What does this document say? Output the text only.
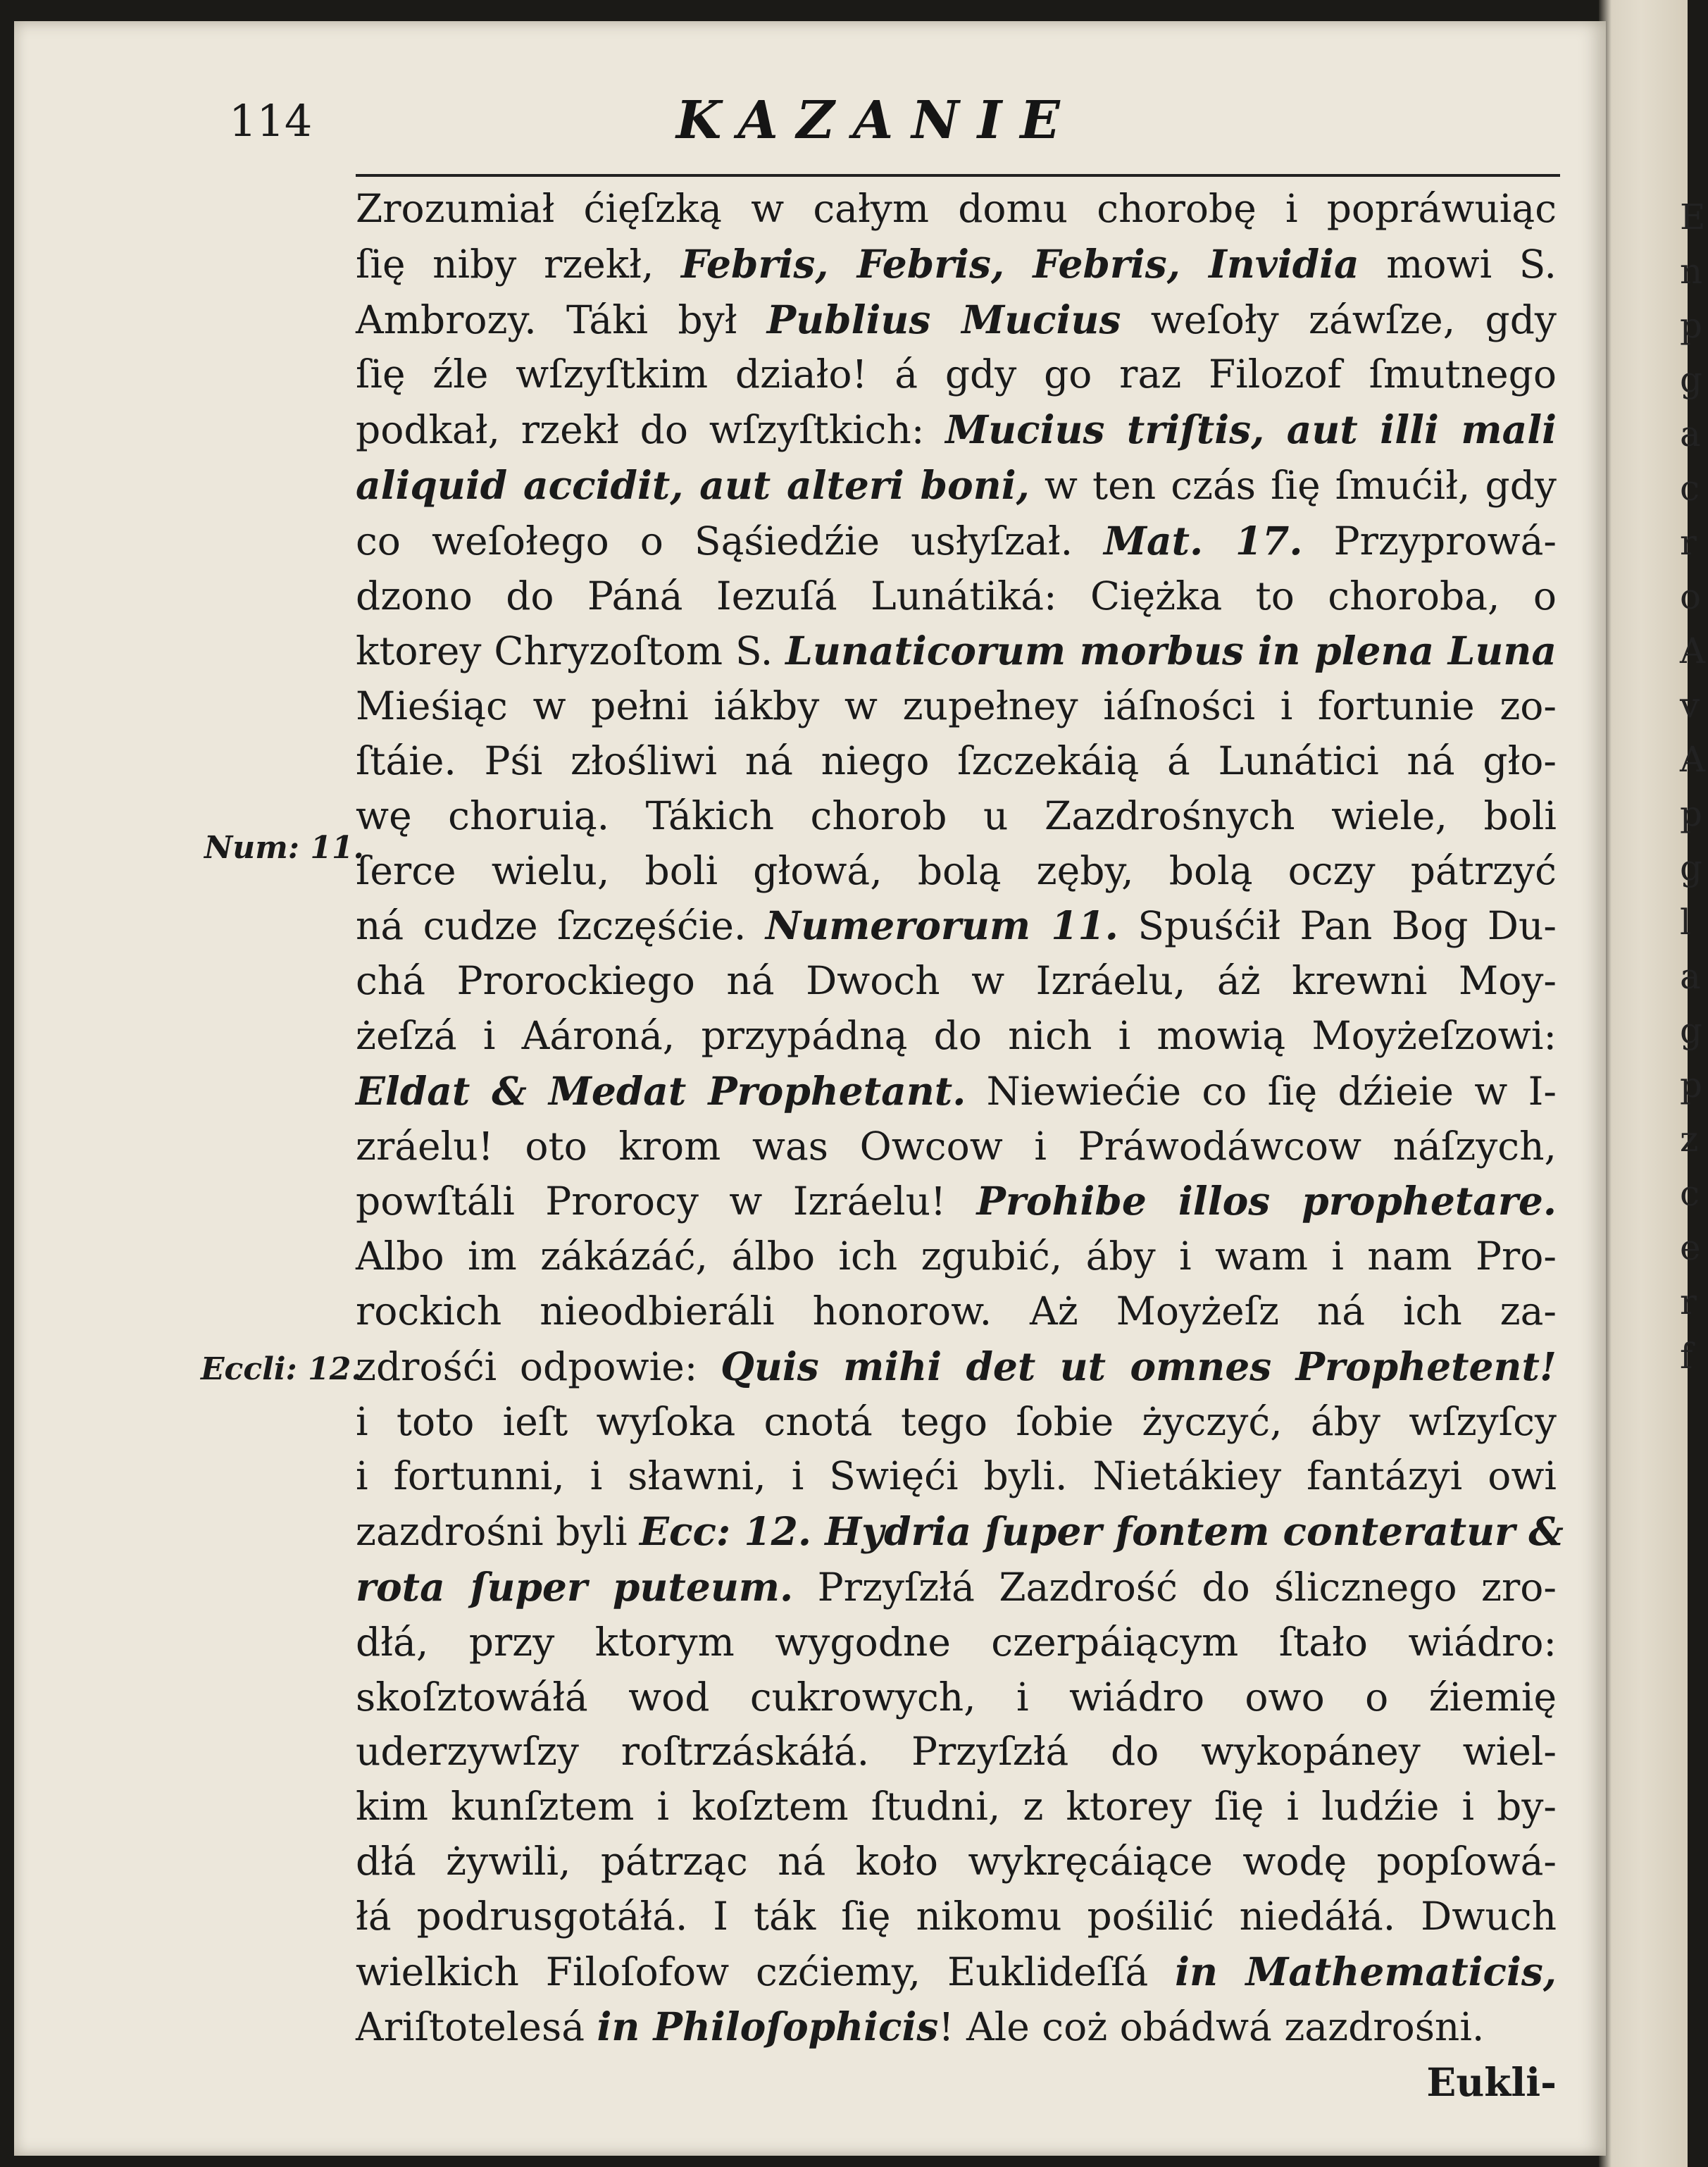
E
n
p
g
a
c
r
o
A
v
A
p
g
l
a
g
p
z
c
e
r
f
114	KAZANIE
Num: 11.
Eccli: 12.
Zrozumiał ćięſzką w całym domu chorobę i popráwuiąc
ſię niby rzekł, Febris, Febris, Febris, Invidia mowi S.
Ambrozy. Táki był Publius Mucius weſoły záwſze, gdy
ſię źle wſzyſtkim działo! á gdy go raz Filozof ſmutnego
podkał, rzekł do wſzyſtkich: Mucius triſtis, aut illi mali
aliquid accidit, aut alteri boni, w ten czás ſię ſmućił, gdy
co weſołego o Sąśiedźie usłyſzał. Mat. 17. Przyprowá-
dzono do Páná Iezuſá Lunátiká: Ciężka to choroba, o
ktorey Chryzoſtom S. Lunaticorum morbus in plena Luna
Mieśiąc w pełni iákby w zupełney iáſności i fortunie zo-
ſtáie. Pśi złośliwi ná niego ſzczekáią á Lunátici ná gło-
wę choruią. Tákich chorob u Zazdrośnych wiele, boli
ſerce wielu, boli głowá, bolą zęby, bolą oczy pátrzyć
ná cudze ſzczęśćie. Numerorum 11. Spuśćił Pan Bog Du-
chá Prorockiego ná Dwoch w Izráelu, áż krewni Moy-
żeſzá i Aároná, przypádną do nich i mowią Moyżeſzowi:
Eldat & Medat Prophetant. Niewiećie co ſię dźieie w I-
zráelu! oto krom was Owcow i Práwodáwcow náſzych,
powſtáli Prorocy w Izráelu! Prohibe illos prophetare.
Albo im zákázáć, álbo ich zgubić, áby i wam i nam Pro-
rockich nieodbieráli honorow. Aż Moyżeſz ná ich za-
zdrośći odpowie: Quis mihi det ut omnes Prophetent!
i toto ieſt wyſoka cnotá tego ſobie życzyć, áby wſzyſcy
i fortunni, i sławni, i Swięći byli. Nietákiey fantázyi owi
zazdrośni byli Ecc: 12. Hydria ſuper fontem conteratur &
rota ſuper puteum. Przyſzłá Zazdrość do ślicznego zro-
dłá, przy ktorym wygodne czerpáiącym ſtało wiádro:
skoſztowáłá wod cukrowych, i wiádro owo o źiemię
uderzywſzy roſtrzáskáłá. Przyſzłá do wykopáney wiel-
kim kunſztem i koſztem ſtudni, z ktorey ſię i ludźie i by-
dłá żywili, pátrząc ná koło wykręcáiące wodę popſowá-
łá podrusgotáłá. I ták ſię nikomu pośilić niedáłá. Dwuch
wielkich Filoſofow czćiemy, Euklideſſá in Mathematicis,
Ariſtotelesá in Philoſophicis! Ale coż obádwá zazdrośni.
Eukli-
